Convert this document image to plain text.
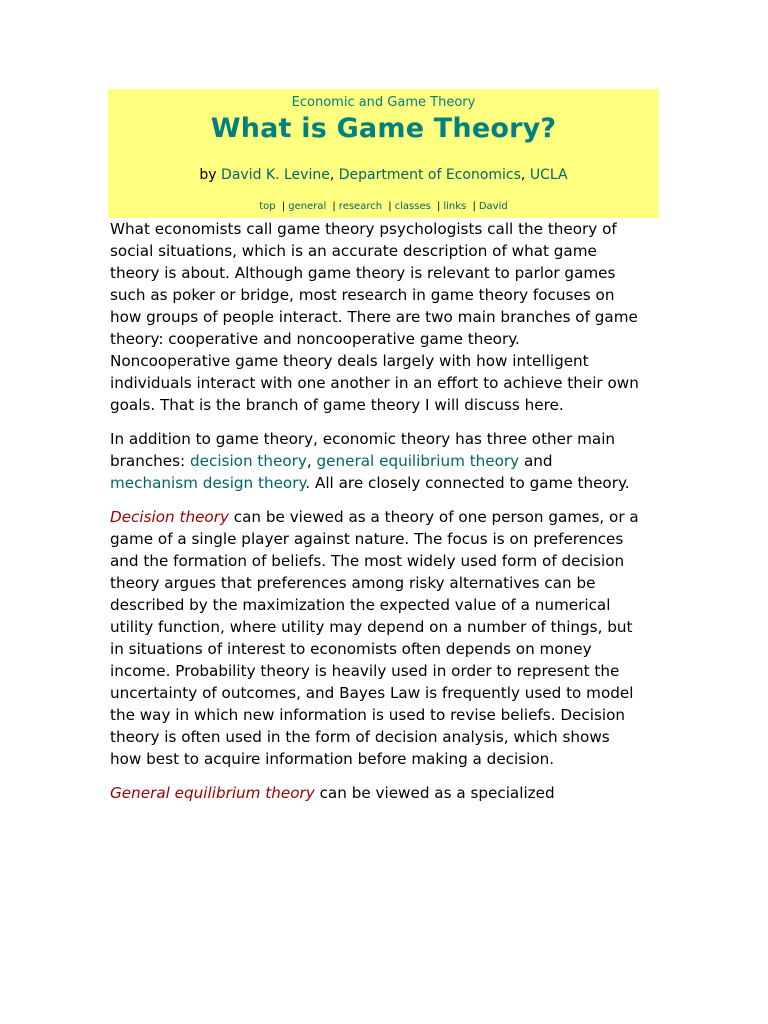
Economic and Game Theory
What is Game Theory?
by David K. Levine, Department of Economics, UCLA
top | general | research | classes | links | David

What economists call game theory psychologists call the theory of social situations, which is an accurate description of what game theory is about. Although game theory is relevant to parlor games such as poker or bridge, most research in game theory focuses on how groups of people interact. There are two main branches of game theory: cooperative and noncooperative game theory. Noncooperative game theory deals largely with how intelligent individuals interact with one another in an effort to achieve their own goals. That is the branch of game theory I will discuss here.

In addition to game theory, economic theory has three other main branches: decision theory, general equilibrium theory and mechanism design theory. All are closely connected to game theory.

Decision theory can be viewed as a theory of one person games, or a game of a single player against nature. The focus is on preferences and the formation of beliefs. The most widely used form of decision theory argues that preferences among risky alternatives can be described by the maximization the expected value of a numerical utility function, where utility may depend on a number of things, but in situations of interest to economists often depends on money income. Probability theory is heavily used in order to represent the uncertainty of outcomes, and Bayes Law is frequently used to model the way in which new information is used to revise beliefs. Decision theory is often used in the form of decision analysis, which shows how best to acquire information before making a decision.

General equilibrium theory can be viewed as a specialized
